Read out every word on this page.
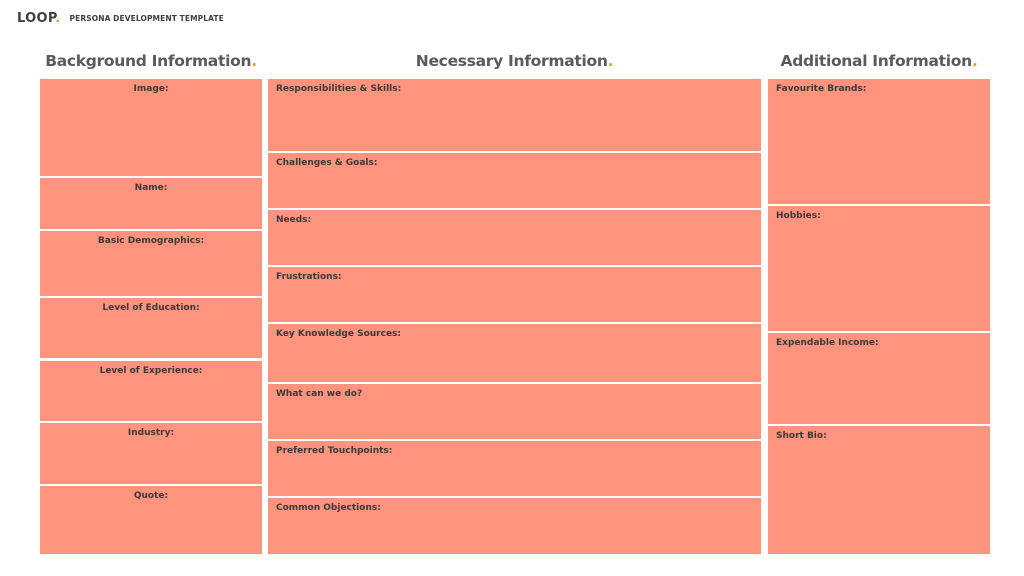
LOOP. PERSONA DEVELOPMENT TEMPLATE
Background Information.	Necessary Information.	Additional Information.
Image:
Name:
Basic Demographics:
Level of Education:
Level of Experience:
Industry:
Quote:
Responsibilities & Skills:
Challenges & Goals:
Needs:
Frustrations:
Key Knowledge Sources:
What can we do?
Preferred Touchpoints:
Common Objections:
Favourite Brands:
Hobbies:
Expendable Income:
Short Bio:
